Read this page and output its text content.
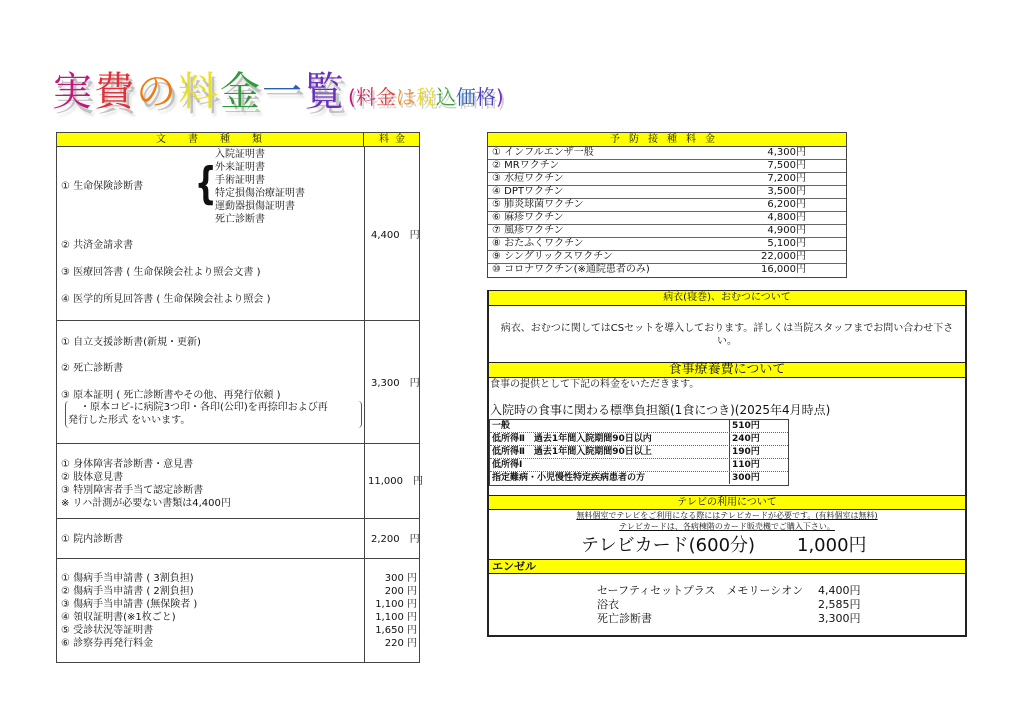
実 費 の 料 金 一 覧 ( 料 金 は 税 込 価 格 )
文書種類	料金
① 生命保険診断書 {
入院証明書
外来証明書
手術証明書
特定損傷治療証明書
運動器損傷証明書
死亡診断書
② 共済金請求書
③ 医療回答書 ( 生命保険会社より照会文書 )
④ 医学的所見回答書 ( 生命保険会社より照会 )
4,400　円
① 自立支援診断書(新規・更新)
② 死亡診断書
③ 原本証明 ( 死亡診断書やその他、再発行依頼 )
・原本コピ-に病院3つ印・各印(公印)を再捺印および再
発行した形式 をいいます。
3,300　円
① 身体障害者診断書・意見書
② 肢体意見書
③ 特別障害者手当て認定診断書
※ リハ計測が必要ない書類は4,400円
11,000　円
① 院内診断書	2,200　円
① 傷病手当申請書 ( 3割負担)	300 円
② 傷病手当申請書 ( 2割負担)	200 円
③ 傷病手当申請書 (無保険者 )	1,100 円
④ 領収証明書(※1枚ごと)	1,100 円
⑤ 受診状況等証明書	1,650 円
⑥ 診察券再発行料金	220 円
予防接種料金
① インフルエンザ一般	4,300円
② MRワクチン	7,500円
③ 水痘ワクチン	7,200円
④ DPTワクチン	3,500円
⑤ 肺炎球菌ワクチン	6,200円
⑥ 麻疹ワクチン	4,800円
⑦ 風疹ワクチン	4,900円
⑧ おたふくワクチン	5,100円
⑨ シングリックスワクチン	22,000円
⑩ コロナワクチン(※通院患者のみ)	16,000円
病衣(寝巻)、おむつについて
病衣、おむつに関してはCSセットを導入しております。詳しくは当院スタッフまでお問い合わせ下さい。
食事療養費について
食事の提供として下記の料金をいただきます。
入院時の食事に関わる標準負担額(1食につき)(2025年4月時点)
一般	510円
低所得Ⅱ　過去1年間入院期間90日以内	240円
低所得Ⅱ　過去1年間入院期間90日以上	190円
低所得Ⅰ	110円
指定難病・小児慢性特定疾病患者の方	300円
テレビの利用について
無料個室でテレビをご利用になる際にはテレビカードが必要です。(有料個室は無料)
テレビカードは、各病棟階のカード販売機でご購入下さい。
テレビカード(600分) 1,000円
エンゼル
セーフティセットプラス　メモリーシオン 4,400円
浴衣	2,585円
死亡診断書	3,300円
